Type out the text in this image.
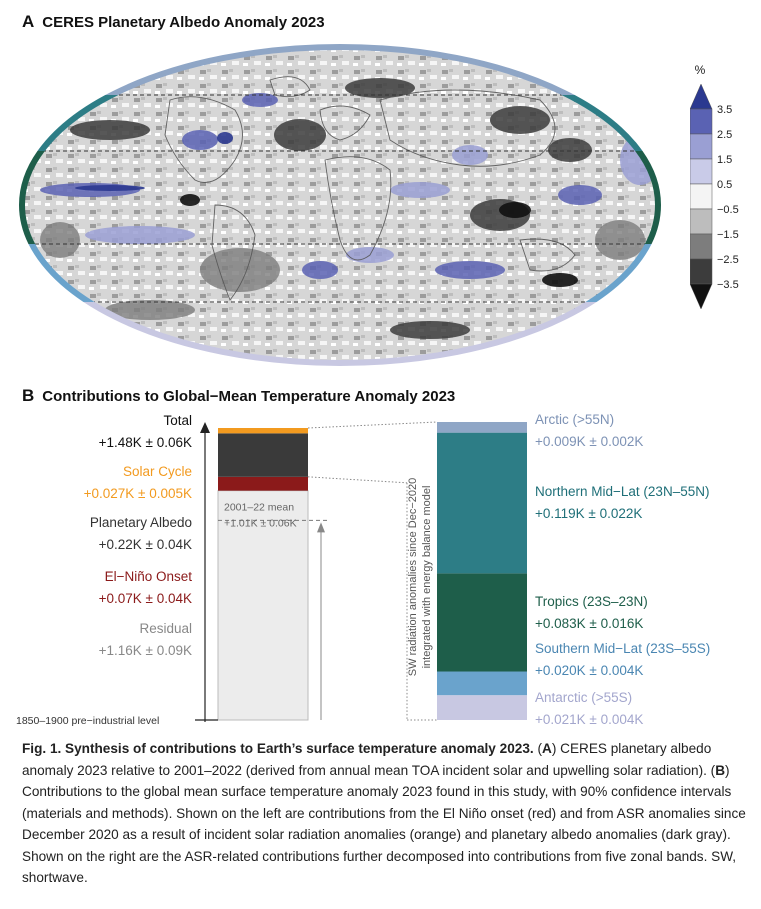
A CERES Planetary Albedo Anomaly 2023
%
3.5
2.5
1.5
0.5
−0.5
−1.5
−2.5
−3.5
B Contributions to Global−Mean Temperature Anomaly 2023
Total
+1.48K ± 0.06K
Solar Cycle
+0.027K ± 0.005K
Planetary Albedo
+0.22K ± 0.04K
El−Niño Onset
+0.07K ± 0.04K
Residual
+1.16K ± 0.09K
2001–22 mean
+1.01K ± 0.06K
Arctic (>55N)
+0.009K ± 0.002K
Northern Mid−Lat (23N–55N)
+0.119K ± 0.022K
Tropics (23S–23N)
+0.083K ± 0.016K
Southern Mid−Lat (23S–55S)
+0.020K ± 0.004K
Antarctic (>55S)
+0.021K ± 0.004K
1850–1900 pre−industrial level
SW radiation anomalies since Dec−2020 integrated with energy balance model
Fig. 1. Synthesis of contributions to Earth’s surface temperature anomaly 2023. (A) CERES planetary albedo anomaly 2023 relative to 2001–2022 (derived from annual mean TOA incident solar and upwelling solar radiation). (B) Contributions to the global mean surface temperature anomaly 2023 found in this study, with 90% confidence intervals (materials and methods). Shown on the left are contributions from the El Niño onset (red) and from ASR anomalies since December 2020 as a result of incident solar radiation anomalies (orange) and planetary albedo anomalies (dark gray). Shown on the right are the ASR-related contributions further decomposed into contributions from five zonal bands. SW, shortwave.
